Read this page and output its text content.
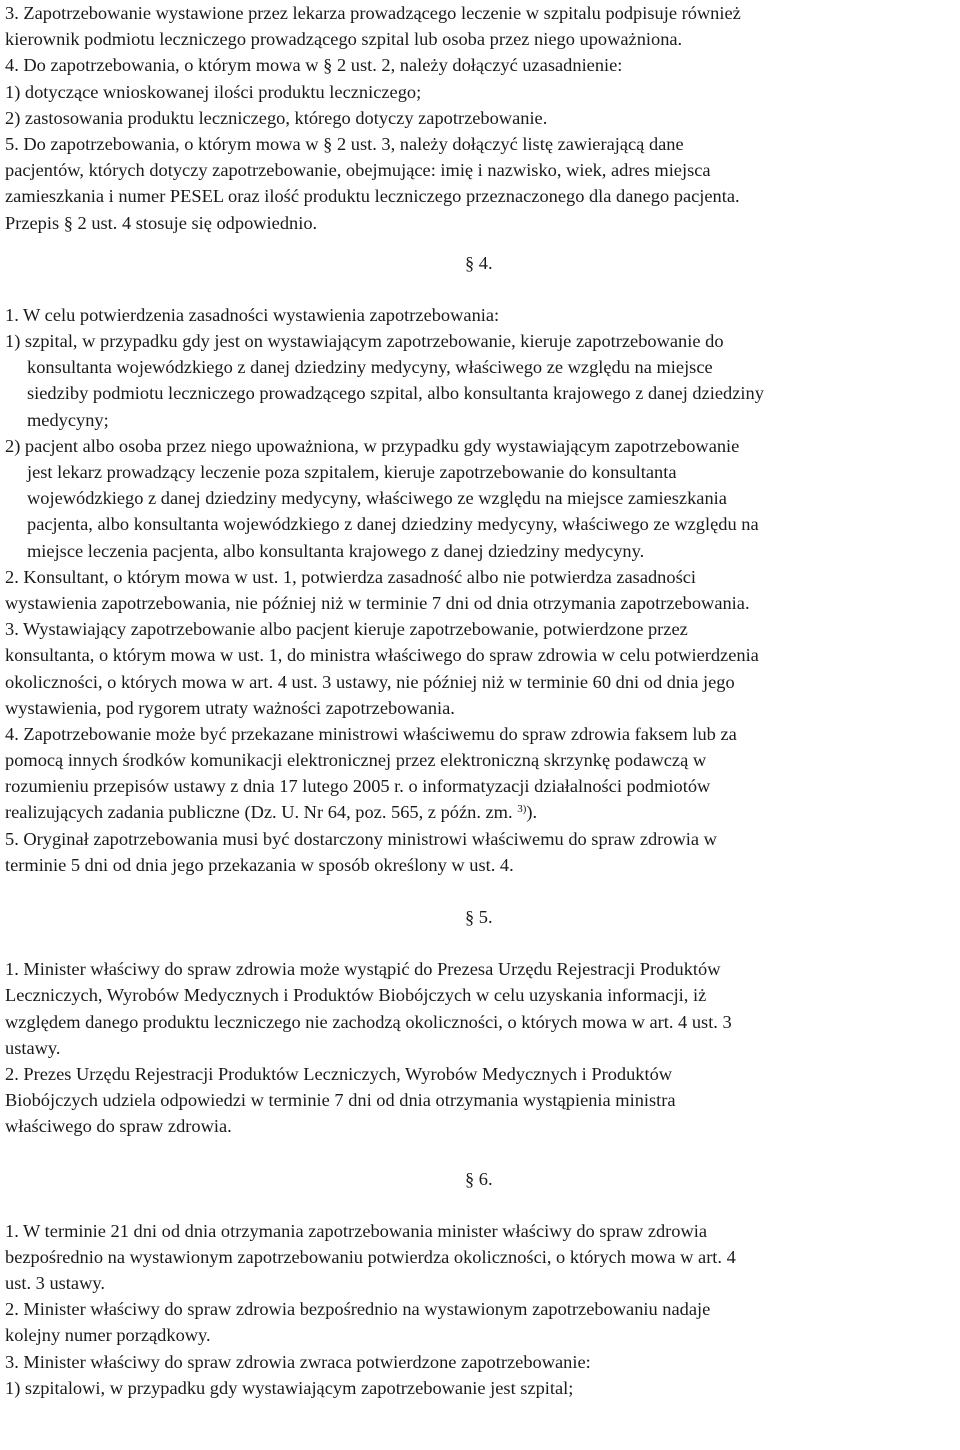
3. Zapotrzebowanie wystawione przez lekarza prowadzącego leczenie w szpitalu podpisuje również
kierownik podmiotu leczniczego prowadzącego szpital lub osoba przez niego upoważniona.
4. Do zapotrzebowania, o którym mowa w § 2 ust. 2, należy dołączyć uzasadnienie:
1) dotyczące wnioskowanej ilości produktu leczniczego;
2) zastosowania produktu leczniczego, którego dotyczy zapotrzebowanie.
5. Do zapotrzebowania, o którym mowa w § 2 ust. 3, należy dołączyć listę zawierającą dane
pacjentów, których dotyczy zapotrzebowanie, obejmujące: imię i nazwisko, wiek, adres miejsca
zamieszkania i numer PESEL oraz ilość produktu leczniczego przeznaczonego dla danego pacjenta.
Przepis § 2 ust. 4 stosuje się odpowiednio.
§ 4.
1. W celu potwierdzenia zasadności wystawienia zapotrzebowania:
1) szpital, w przypadku gdy jest on wystawiającym zapotrzebowanie, kieruje zapotrzebowanie do
konsultanta wojewódzkiego z danej dziedziny medycyny, właściwego ze względu na miejsce
siedziby podmiotu leczniczego prowadzącego szpital, albo konsultanta krajowego z danej dziedziny
medycyny;
2) pacjent albo osoba przez niego upoważniona, w przypadku gdy wystawiającym zapotrzebowanie
jest lekarz prowadzący leczenie poza szpitalem, kieruje zapotrzebowanie do konsultanta
wojewódzkiego z danej dziedziny medycyny, właściwego ze względu na miejsce zamieszkania
pacjenta, albo konsultanta wojewódzkiego z danej dziedziny medycyny, właściwego ze względu na
miejsce leczenia pacjenta, albo konsultanta krajowego z danej dziedziny medycyny.
2. Konsultant, o którym mowa w ust. 1, potwierdza zasadność albo nie potwierdza zasadności
wystawienia zapotrzebowania, nie później niż w terminie 7 dni od dnia otrzymania zapotrzebowania.
3. Wystawiający zapotrzebowanie albo pacjent kieruje zapotrzebowanie, potwierdzone przez
konsultanta, o którym mowa w ust. 1, do ministra właściwego do spraw zdrowia w celu potwierdzenia
okoliczności, o których mowa w art. 4 ust. 3 ustawy, nie później niż w terminie 60 dni od dnia jego
wystawienia, pod rygorem utraty ważności zapotrzebowania.
4. Zapotrzebowanie może być przekazane ministrowi właściwemu do spraw zdrowia faksem lub za
pomocą innych środków komunikacji elektronicznej przez elektroniczną skrzynkę podawczą w
rozumieniu przepisów ustawy z dnia 17 lutego 2005 r. o informatyzacji działalności podmiotów
realizujących zadania publiczne (Dz. U. Nr 64, poz. 565, z późn. zm. $^{3)}$).
5. Oryginał zapotrzebowania musi być dostarczony ministrowi właściwemu do spraw zdrowia w
terminie 5 dni od dnia jego przekazania w sposób określony w ust. 4.
§ 5.
1. Minister właściwy do spraw zdrowia może wystąpić do Prezesa Urzędu Rejestracji Produktów
Leczniczych, Wyrobów Medycznych i Produktów Biobójczych w celu uzyskania informacji, iż
względem danego produktu leczniczego nie zachodzą okoliczności, o których mowa w art. 4 ust. 3
ustawy.
2. Prezes Urzędu Rejestracji Produktów Leczniczych, Wyrobów Medycznych i Produktów
Biobójczych udziela odpowiedzi w terminie 7 dni od dnia otrzymania wystąpienia ministra
właściwego do spraw zdrowia.
§ 6.
1. W terminie 21 dni od dnia otrzymania zapotrzebowania minister właściwy do spraw zdrowia
bezpośrednio na wystawionym zapotrzebowaniu potwierdza okoliczności, o których mowa w art. 4
ust. 3 ustawy.
2. Minister właściwy do spraw zdrowia bezpośrednio na wystawionym zapotrzebowaniu nadaje
kolejny numer porządkowy.
3. Minister właściwy do spraw zdrowia zwraca potwierdzone zapotrzebowanie:
1) szpitalowi, w przypadku gdy wystawiającym zapotrzebowanie jest szpital;
